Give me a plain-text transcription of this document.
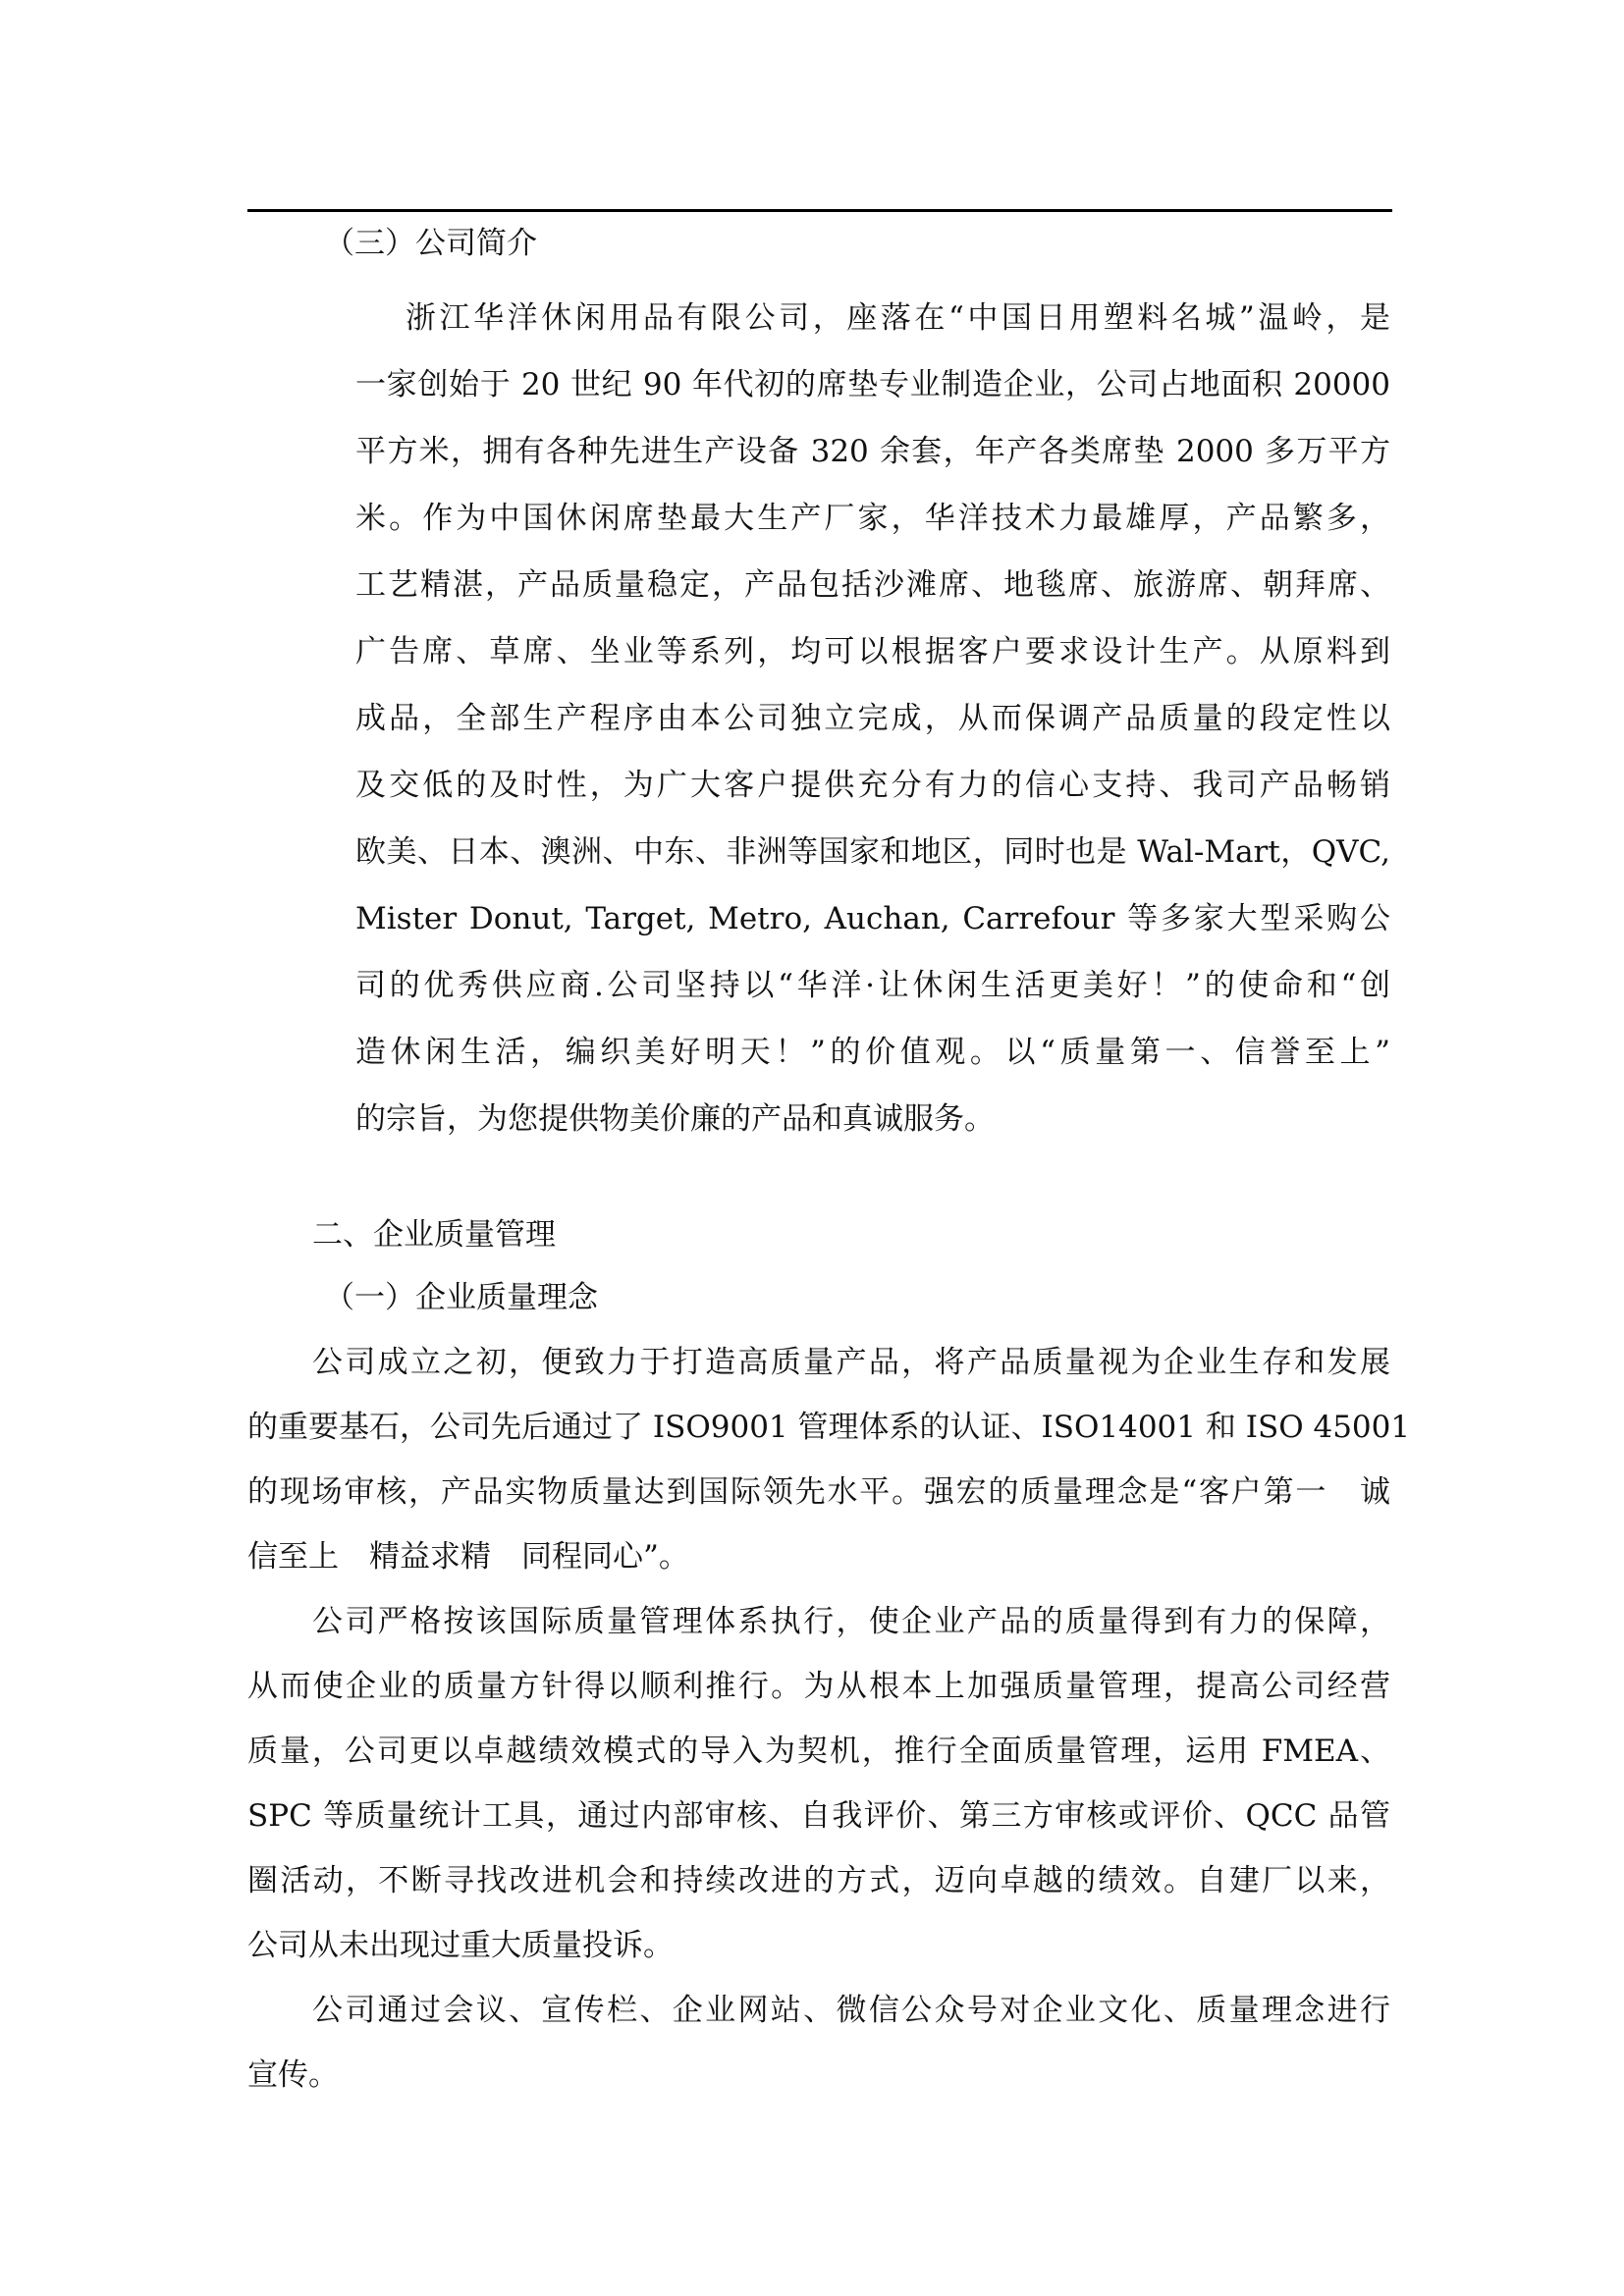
（三）公司简介

浙江华洋休闲用品有限公司，座落在“中国日用塑料名城”温岭，是

一家创始于 20 世纪 90 年代初的席垫专业制造企业，公司占地面积 20000

平方米，拥有各种先进生产设备 320 余套，年产各类席垫 2000 多万平方

米。作为中国休闲席垫最大生产厂家，华洋技术力最雄厚，产品繁多，

工艺精湛，产品质量稳定，产品包括沙滩席、地毯席、旅游席、朝拜席、

广告席、草席、坐业等系列，均可以根据客户要求设计生产。从原料到

成品，全部生产程序由本公司独立完成，从而保调产品质量的段定性以

及交低的及时性，为广大客户提供充分有力的信心支持、我司产品畅销

欧美、日本、澳洲、中东、非洲等国家和地区，同时也是 Wal-Mart，QVC,

Mister Donut, Target, Metro, Auchan, Carrefour 等多家大型采购公

司的优秀供应商.公司坚持以“华洋·让休闲生活更美好！”的使命和“创

造休闲生活，编织美好明天！”的价值观。以“质量第一、信誉至上”

的宗旨，为您提供物美价廉的产品和真诚服务。

二、企业质量管理

（一）企业质量理念

公司成立之初，便致力于打造高质量产品，将产品质量视为企业生存和发展

的重要基石，公司先后通过了 ISO9001 管理体系的认证、ISO14001 和 ISO 45001

的现场审核，产品实物质量达到国际领先水平。强宏的质量理念是“客户第一　诚

信至上　精益求精　同程同心”。

公司严格按该国际质量管理体系执行，使企业产品的质量得到有力的保障，

从而使企业的质量方针得以顺利推行。为从根本上加强质量管理，提高公司经营

质量，公司更以卓越绩效模式的导入为契机，推行全面质量管理，运用 FMEA、

SPC 等质量统计工具，通过内部审核、自我评价、第三方审核或评价、QCC 品管

圈活动，不断寻找改进机会和持续改进的方式，迈向卓越的绩效。自建厂以来，

公司从未出现过重大质量投诉。

公司通过会议、宣传栏、企业网站、微信公众号对企业文化、质量理念进行

宣传。
